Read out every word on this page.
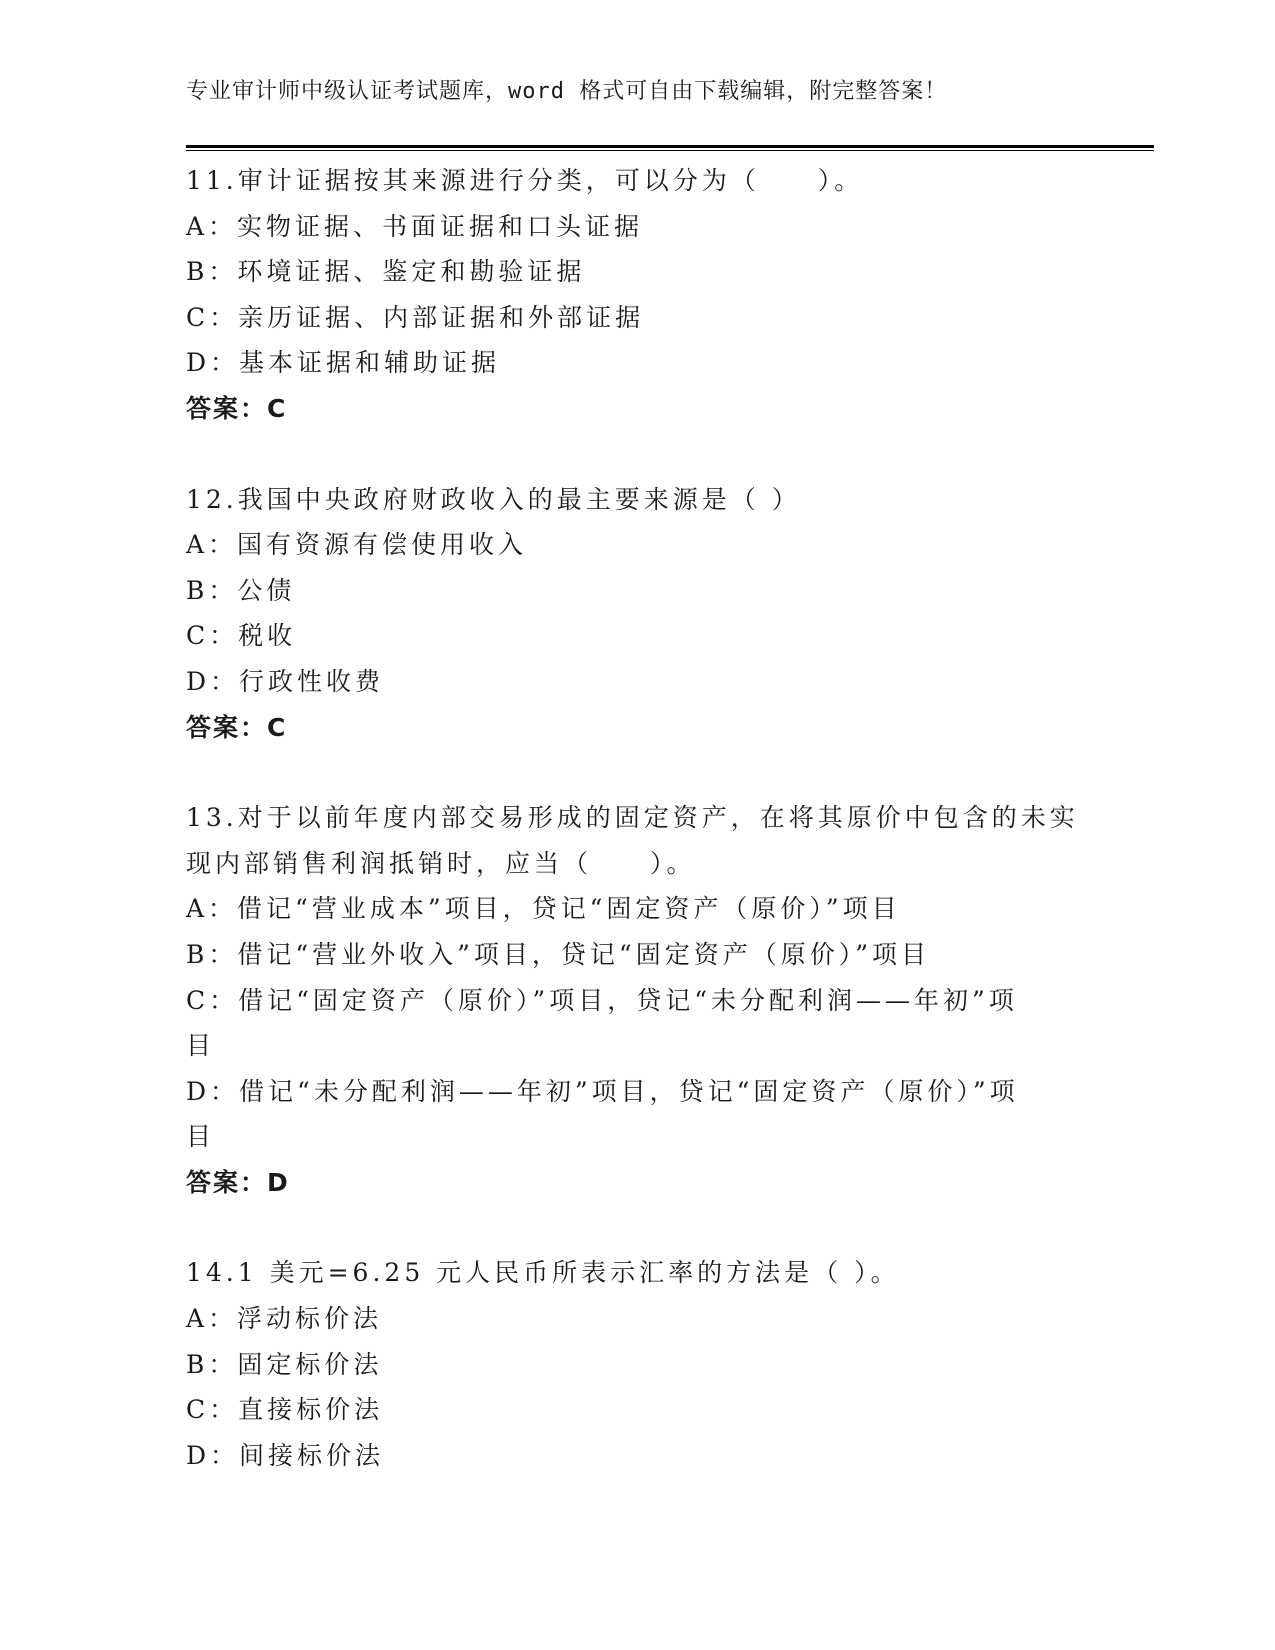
专业审计师中级认证考试题库，word 格式可自由下载编辑，附完整答案！
11.审计证据按其来源进行分类，可以分为（　　）。
A：实物证据、书面证据和口头证据
B：环境证据、鉴定和勘验证据
C：亲历证据、内部证据和外部证据
D：基本证据和辅助证据
答案：C
12.我国中央政府财政收入的最主要来源是（ ）
A：国有资源有偿使用收入
B：公债
C：税收
D：行政性收费
答案：C
13.对于以前年度内部交易形成的固定资产，在将其原价中包含的未实
现内部销售利润抵销时，应当（　　）。
A：借记“营业成本”项目，贷记“固定资产（原价）”项目
B：借记“营业外收入”项目，贷记“固定资产（原价）”项目
C：借记“固定资产（原价）”项目，贷记“未分配利润——年初”项
目
D：借记“未分配利润——年初”项目，贷记“固定资产（原价）”项
目
答案：D
14.1 美元=6.25 元人民币所表示汇率的方法是（ ）。
A：浮动标价法
B：固定标价法
C：直接标价法
D：间接标价法
